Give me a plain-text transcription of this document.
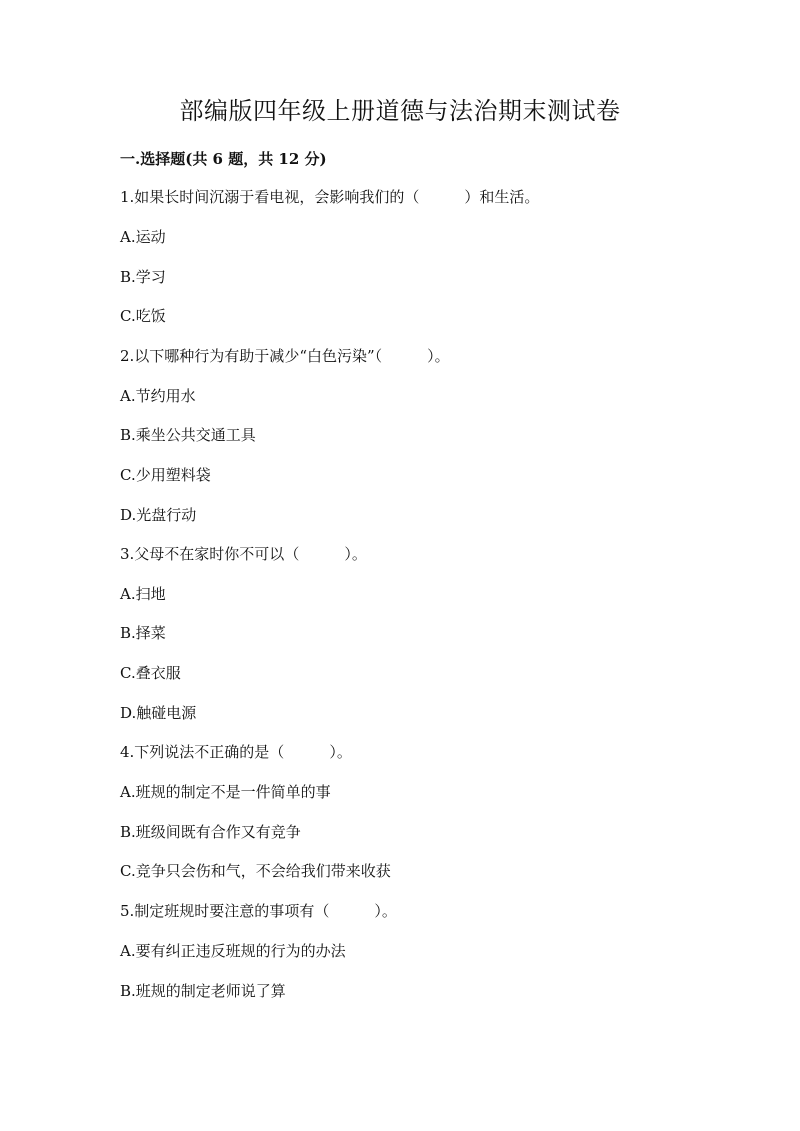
部编版四年级上册道德与法治期末测试卷
一.选择题(共 6 题，共 12 分)
1.如果长时间沉溺于看电视，会影响我们的（　　　）和生活。
A.运动
B.学习
C.吃饭
2.以下哪种行为有助于减少“白色污染”（　　　）。
A.节约用水
B.乘坐公共交通工具
C.少用塑料袋
D.光盘行动
3.父母不在家时你不可以（　　　）。
A.扫地
B.择菜
C.叠衣服
D.触碰电源
4.下列说法不正确的是（　　　）。
A.班规的制定不是一件简单的事
B.班级间既有合作又有竞争
C.竞争只会伤和气，不会给我们带来收获
5.制定班规时要注意的事项有（　　　）。
A.要有纠正违反班规的行为的办法
B.班规的制定老师说了算
